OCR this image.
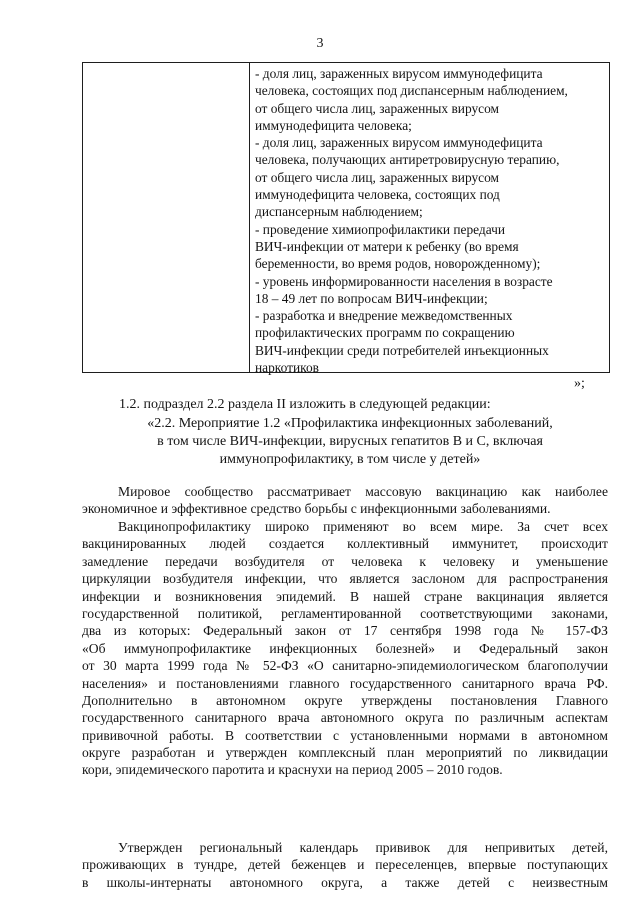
3
- доля лиц, зараженных вирусом иммунодефицита
человека, состоящих под диспансерным наблюдением,
от общего числа лиц, зараженных вирусом
иммунодефицита человека;
- доля лиц, зараженных вирусом иммунодефицита
человека, получающих антиретровирусную терапию,
от общего числа лиц, зараженных вирусом
иммунодефицита человека, состоящих под
диспансерным наблюдением;
- проведение химиопрофилактики передачи
ВИЧ-инфекции от матери к ребенку (во время
беременности, во время родов, новорожденному);
- уровень информированности населения в возрасте
18 – 49 лет по вопросам ВИЧ-инфекции;
- разработка и внедрение межведомственных
профилактических программ по сокращению
ВИЧ-инфекции среди потребителей инъекционных
наркотиков
»;
1.2. подраздел 2.2 раздела II изложить в следующей редакции:
«2.2. Мероприятие 1.2 «Профилактика инфекционных заболеваний,
в том числе ВИЧ-инфекции, вирусных гепатитов В и С, включая
иммунопрофилактику, в том числе у детей»
Мировое сообщество рассматривает массовую вакцинацию как наиболее
экономичное и эффективное средство борьбы с инфекционными заболеваниями.
Вакцинопрофилактику широко применяют во всем мире. За счет всех
вакцинированных людей создается коллективный иммунитет, происходит
замедление передачи возбудителя от человека к человеку и уменьшение
циркуляции возбудителя инфекции, что является заслоном для распространения
инфекции и возникновения эпидемий. В нашей стране вакцинация является
государственной политикой, регламентированной соответствующими законами,
два из которых: Федеральный закон от 17 сентября 1998 года № 157-ФЗ
«Об иммунопрофилактике инфекционных болезней» и Федеральный закон
от 30 марта 1999 года № 52-ФЗ «О санитарно-эпидемиологическом благополучии
населения» и постановлениями главного государственного санитарного врача РФ.
Дополнительно в автономном округе утверждены постановления Главного
государственного санитарного врача автономного округа по различным аспектам
прививочной работы. В соответствии с установленными нормами в автономном
округе разработан и утвержден комплексный план мероприятий по ликвидации
кори, эпидемического паротита и краснухи на период 2005 – 2010 годов.
Утвержден региональный календарь прививок для непривитых детей,
проживающих в тундре, детей беженцев и переселенцев, впервые поступающих
в школы-интернаты автономного округа, а также детей с неизвестным
